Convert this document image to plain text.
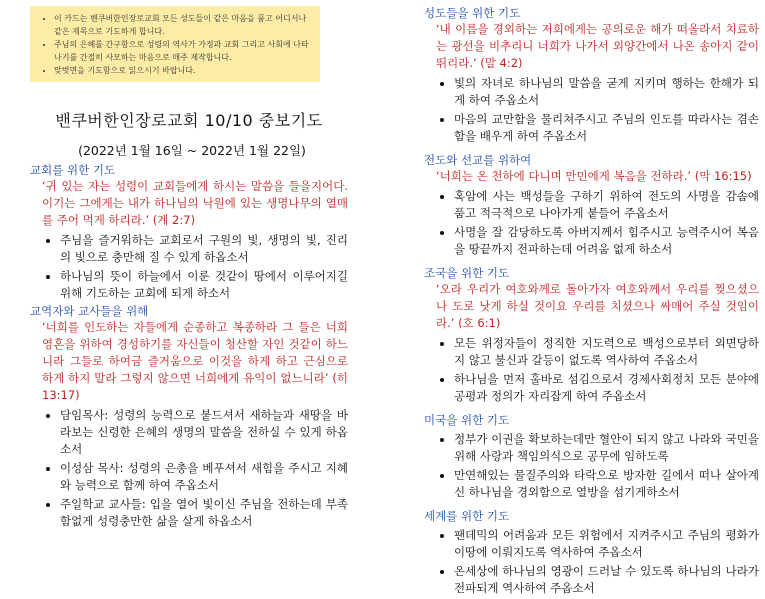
• 이 카드는 밴쿠버한인장로교회 모든 성도들이 같은 마음을 품고 어디서나 같은 제목으로 기도하게 합니다.
• 주님의 은혜를 간구함으로 성령의 역사가 가정과 교회 그리고 사회에 나타나기를 간절히 사모하는 마음으로 매주 제작합니다.
• 맞벗면을 기도함으로 읽으시기 바랍니다.
밴쿠버한인장로교회 10/10 중보기도
(2022년 1월 16일 ~ 2022년 1월 22일)
교회를 위한 기도
‘귀 있는 자는 성령이 교회들에게 하시는 말씀을 들을지어다. 이기는 그에게는 내가 하나님의 낙원에 있는 생명나무의 열매를 주어 먹게 하리라.’ (계 2:7)
• 주님을 즐거워하는 교회로서 구원의 빛, 생명의 빛, 진리의 빛으로 충만해 질 수 있게 하옵소서
• 하나님의 뜻이 하늘에서 이룬 것같이 땅에서 이루어지길 위해 기도하는 교회에 되게 하소서
교역자와 교사들을 위해
‘너희를 인도하는 자들에게 순종하고 복종하라 그 들은 너희 영혼을 위하여 경성하기를 자신들이 청산할 자인 것같이 하느니라 그들로 하여금 즐거움으로 이것을 하게 하고 근심으로 하게 하지 말라 그렇지 않으면 너희에게 유익이 없느니라’ (히 13:17)
• 담임목사: 성령의 능력으로 붙드셔서 새하늘과 새땅을 바라보는 신령한 은혜의 생명의 말씀을 전하실 수 있게 하옵소서
• 이성삼 목사: 성령의 은총을 베푸셔서 새힘을 주시고 지혜와 능력으로 함께 하여 주옵소서
• 주일학교 교사들: 입을 열어 빛이신 주님을 전하는데 부족함없게 성령충만한 삶을 살게 하옵소서
성도들을 위한 기도
‘내 이름을 경외하는 저희에게는 공의로운 해가 떠올라서 치료하는 광선을 비추리니 너희가 나가서 외양간에서 나온 송아지 같이 뛰리라.’ (말 4:2)
• 빛의 자녀로 하나님의 말씀을 굳게 지키며 행하는 한해가 되게 하여 주옵소서
• 마음의 교만함을 물리쳐주시고 주님의 인도를 따라사는 겸손함을 배우게 하여 주옵소서
전도와 선교를 위하여
‘너희는 온 천하에 다니며 만민에게 복음을 전하라.’ (막 16:15)
• 혹암에 사는 백성들을 구하기 위하여 전도의 사명을 감솜에 품고 적극적으로 나아가게 붙들어 주옵소서
• 사명을 잘 감당하도록 아버지께서 힘주시고 능력주시어 복음을 땅끝까지 전파하는데 어려움 없게 하소서
조국을 위한 기도
‘오라 우리가 여호와께로 돌아가자 여호와께서 우리를 찢으셨으나 도로 낫게 하실 것이요 우리를 치셨으나 싸매어 주실 것임이라.’ (호 6:1)
• 모든 위정자들이 정직한 지도력으로 백성으로부터 외면당하지 않고 불신과 갈등이 없도록 역사하여 주옵소서
• 하나님을 먼저 홀바로 섬김으로서 경제사회정치 모든 분야에 공평과 정의가 자리잡게 하여 주옵소서
미국을 위한 기도
• 정부가 이권을 확보하는데만 혈안이 되지 않고 나라와 국민을 위해 사랑과 책임의식으로 공무에 임하도록
• 만연해있는 물질주의와 타락으로 방자한 길에서 떠나 살아계신 하나님을 경외함으로 열방을 섬기게하소서
세계를 위한 기도
• 팬데믹의 어려움과 모든 위험에서 지켜주시고 주님의 평화가 이땅에 이뤄지도록 역사하여 주옵소서
• 온세상에 하나님의 영광이 드러날 수 있도록 하나님의 나라가 전파되게 역사하여 주옵소서
